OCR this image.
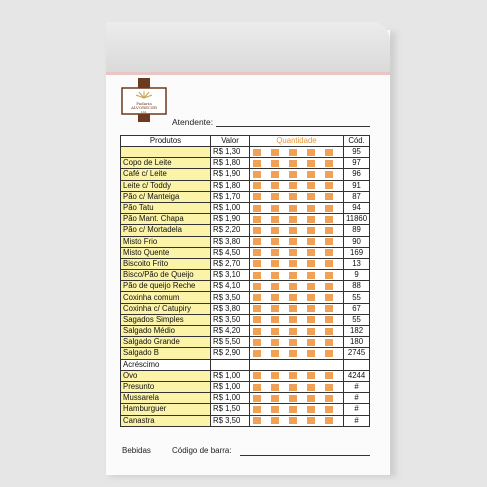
Padaria
ALVORECER
Ltd.
Atendente:
Produtos	Valor	Quantidade	Cód.
	R$ 1,30		95
Copo de Leite	R$ 1,80		97
Café c/ Leite	R$ 1,90		96
Leite c/ Toddy	R$ 1,80		91
Pão c/ Manteiga	R$ 1,70		87
Pão Tatu	R$ 1,00		94
Pão Mant. Chapa	R$ 1,90		11860
Pão c/ Mortadela	R$ 2,20		89
Misto Frio	R$ 3,80		90
Misto Quente	R$ 4,50		169
Biscoito Frito	R$ 2,70		13
Bisco/Pão de Queijo	R$ 3,10		9
Pão de queijo Reche	R$ 4,10		88
Coxinha comum	R$ 3,50		55
Coxinha c/ Catupiry	R$ 3,80		67
Sagados Simples	R$ 3,50		55
Salgado Médio	R$ 4,20		182
Salgado Grande	R$ 5,50		180
Salgado B	R$ 2,90		2745
Acréscimo			
Ovo	R$ 1,00		4244
Presunto	R$ 1,00		#
Mussarela	R$ 1,00		#
Hamburguer	R$ 1,50		#
Canastra	R$ 3,50		#
Bebidas	Código de barra:
